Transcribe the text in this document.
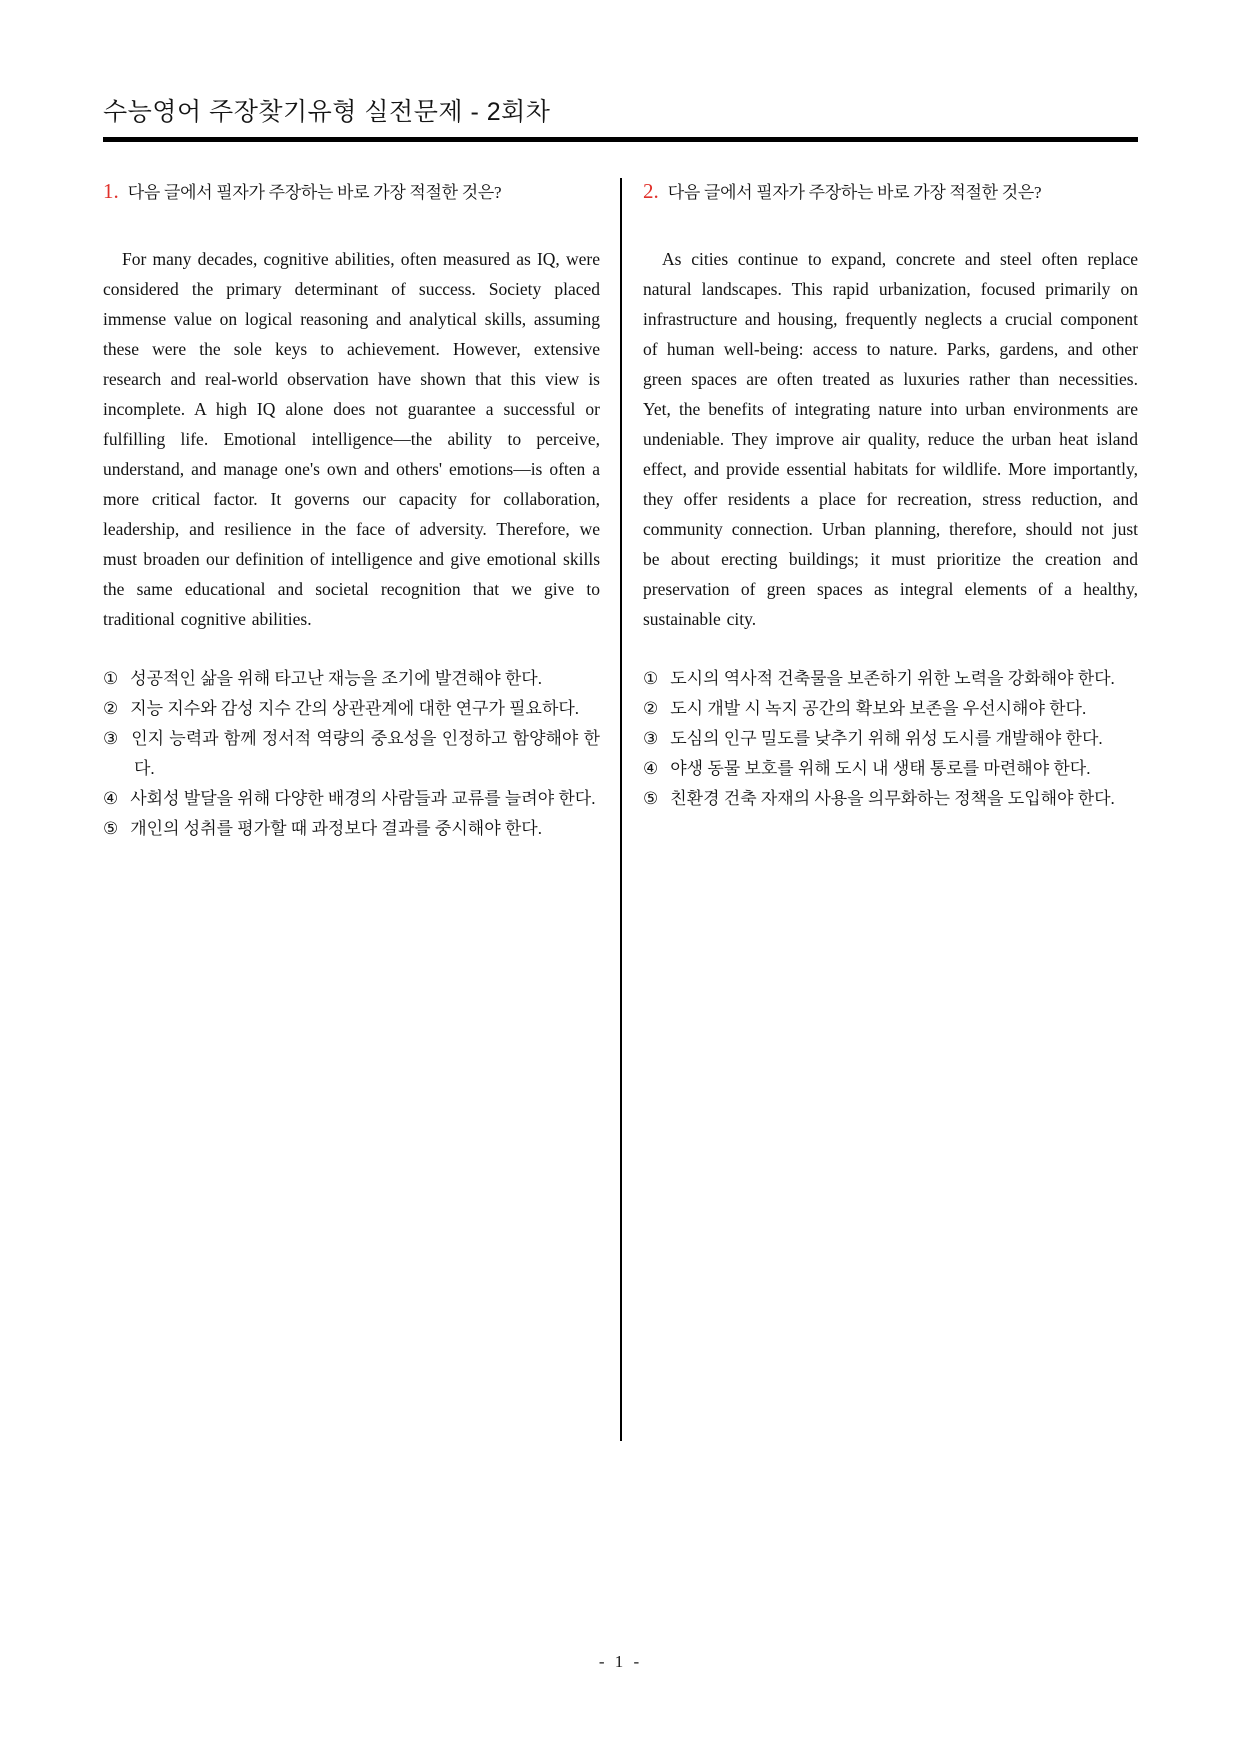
수능영어 주장찾기유형 실전문제 - 2회차
1. 다음 글에서 필자가 주장하는 바로 가장 적절한 것은?

For many decades, cognitive abilities, often measured as IQ, were considered the primary determinant of success. Society placed immense value on logical reasoning and analytical skills, assuming these were the sole keys to achievement. However, extensive research and real-world observation have shown that this view is incomplete. A high IQ alone does not guarantee a successful or fulfilling life. Emotional intelligence—the ability to perceive, understand, and manage one's own and others' emotions—is often a more critical factor. It governs our capacity for collaboration, leadership, and resilience in the face of adversity. Therefore, we must broaden our definition of intelligence and give emotional skills the same educational and societal recognition that we give to traditional cognitive abilities.

① 성공적인 삶을 위해 타고난 재능을 조기에 발견해야 한다.
② 지능 지수와 감성 지수 간의 상관관계에 대한 연구가 필요하다.
③ 인지 능력과 함께 정서적 역량의 중요성을 인정하고 함양해야 한다.
④ 사회성 발달을 위해 다양한 배경의 사람들과 교류를 늘려야 한다.
⑤ 개인의 성취를 평가할 때 과정보다 결과를 중시해야 한다.
2. 다음 글에서 필자가 주장하는 바로 가장 적절한 것은?

As cities continue to expand, concrete and steel often replace natural landscapes. This rapid urbanization, focused primarily on infrastructure and housing, frequently neglects a crucial component of human well-being: access to nature. Parks, gardens, and other green spaces are often treated as luxuries rather than necessities. Yet, the benefits of integrating nature into urban environments are undeniable. They improve air quality, reduce the urban heat island effect, and provide essential habitats for wildlife. More importantly, they offer residents a place for recreation, stress reduction, and community connection. Urban planning, therefore, should not just be about erecting buildings; it must prioritize the creation and preservation of green spaces as integral elements of a healthy, sustainable city.

① 도시의 역사적 건축물을 보존하기 위한 노력을 강화해야 한다.
② 도시 개발 시 녹지 공간의 확보와 보존을 우선시해야 한다.
③ 도심의 인구 밀도를 낮추기 위해 위성 도시를 개발해야 한다.
④ 야생 동물 보호를 위해 도시 내 생태 통로를 마련해야 한다.
⑤ 친환경 건축 자재의 사용을 의무화하는 정책을 도입해야 한다.
- 1 -
